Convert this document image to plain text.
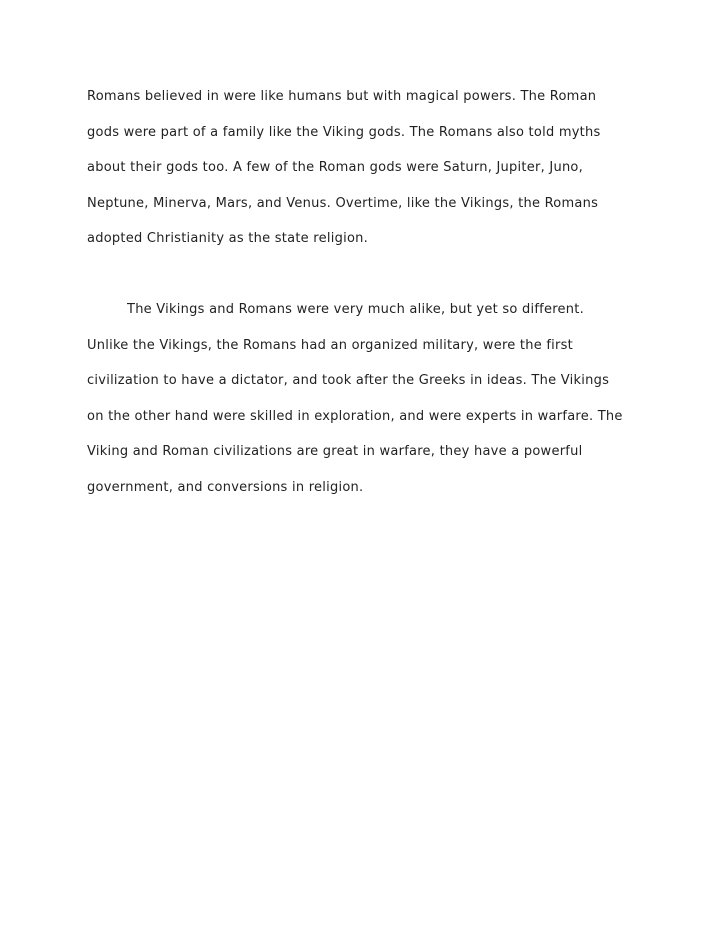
Romans believed in were like humans but with magical powers. The Roman
gods were part of a family like the Viking gods. The Romans also told myths
about their gods too. A few of the Roman gods were Saturn, Jupiter, Juno,
Neptune, Minerva, Mars, and Venus. Overtime, like the Vikings, the Romans
adopted Christianity as the state religion.
The Vikings and Romans were very much alike, but yet so different.
Unlike the Vikings, the Romans had an organized military, were the first
civilization to have a dictator, and took after the Greeks in ideas. The Vikings
on the other hand were skilled in exploration, and were experts in warfare. The
Viking and Roman civilizations are great in warfare, they have a powerful
government, and conversions in religion.
